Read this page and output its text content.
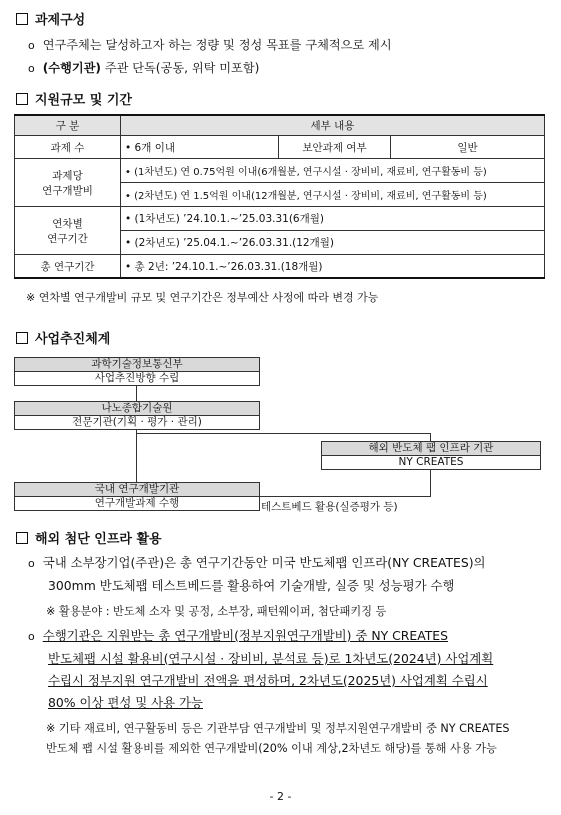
과제구성
o 연구주체는 달성하고자 하는 정량 및 정성 목표를 구체적으로 제시
o (수행기관) 주관 단독(공동, 위탁 미포함)
지원규모 및 기간
구 분	세부 내용		
과제 수	• 6개 이내	보안과제 여부	일반

과제당
연구개발비	• (1차년도) 연 0.75억원 이내(6개월분, 연구시설 · 장비비, 재료비, 연구활동비 등)		
	• (2차년도) 연 1.5억원 이내(12개월분, 연구시설 · 장비비, 재료비, 연구활동비 등)		

연차별
연구기간	• (1차년도) ’24.10.1.~’25.03.31(6개월)		
	• (2차년도) ’25.04.1.~’26.03.31.(12개월)		
총 연구기간	• 총 2년: ’24.10.1.~’26.03.31.(18개월)		
※ 연차별 연구개발비 규모 및 연구기간은 정부예산 사정에 따라 변경 가능
사업추진체계
과학기술정보통신부
사업추진방향 수립
나노종합기술원
전문기관(기획 · 평가 · 관리)
해외 반도체 팹 인프라 기관
NY CREATES
국내 연구개발기관
연구개발과제 수행	테스트베드 활용(실증평가 등)
해외 첨단 인프라 활용
o 국내 소부장기업(주관)은 총 연구기간동안 미국 반도체팹 인프라(NY CREATES)의
300mm 반도체팹 테스트베드를 활용하여 기술개발, 실증 및 성능평가 수행
※ 활용분야 : 반도체 소자 및 공정, 소부장, 패턴웨이퍼, 첨단패키징 등
o 수행기관은 지원받는 총 연구개발비(정부지원연구개발비) 중 NY CREATES
반도체팹 시설 활용비(연구시설 · 장비비, 분석료 등)로 1차년도(2024년) 사업계획
수립시 정부지원 연구개발비 전액을 편성하며, 2차년도(2025년) 사업계획 수립시
80% 이상 편성 및 사용 가능
※ 기타 재료비, 연구활동비 등은 기관부담 연구개발비 및 정부지원연구개발비 중 NY CREATES
반도체 팹 시설 활용비를 제외한 연구개발비(20% 이내 계상,2차년도 해당)를 통해 사용 가능
- 2 -
